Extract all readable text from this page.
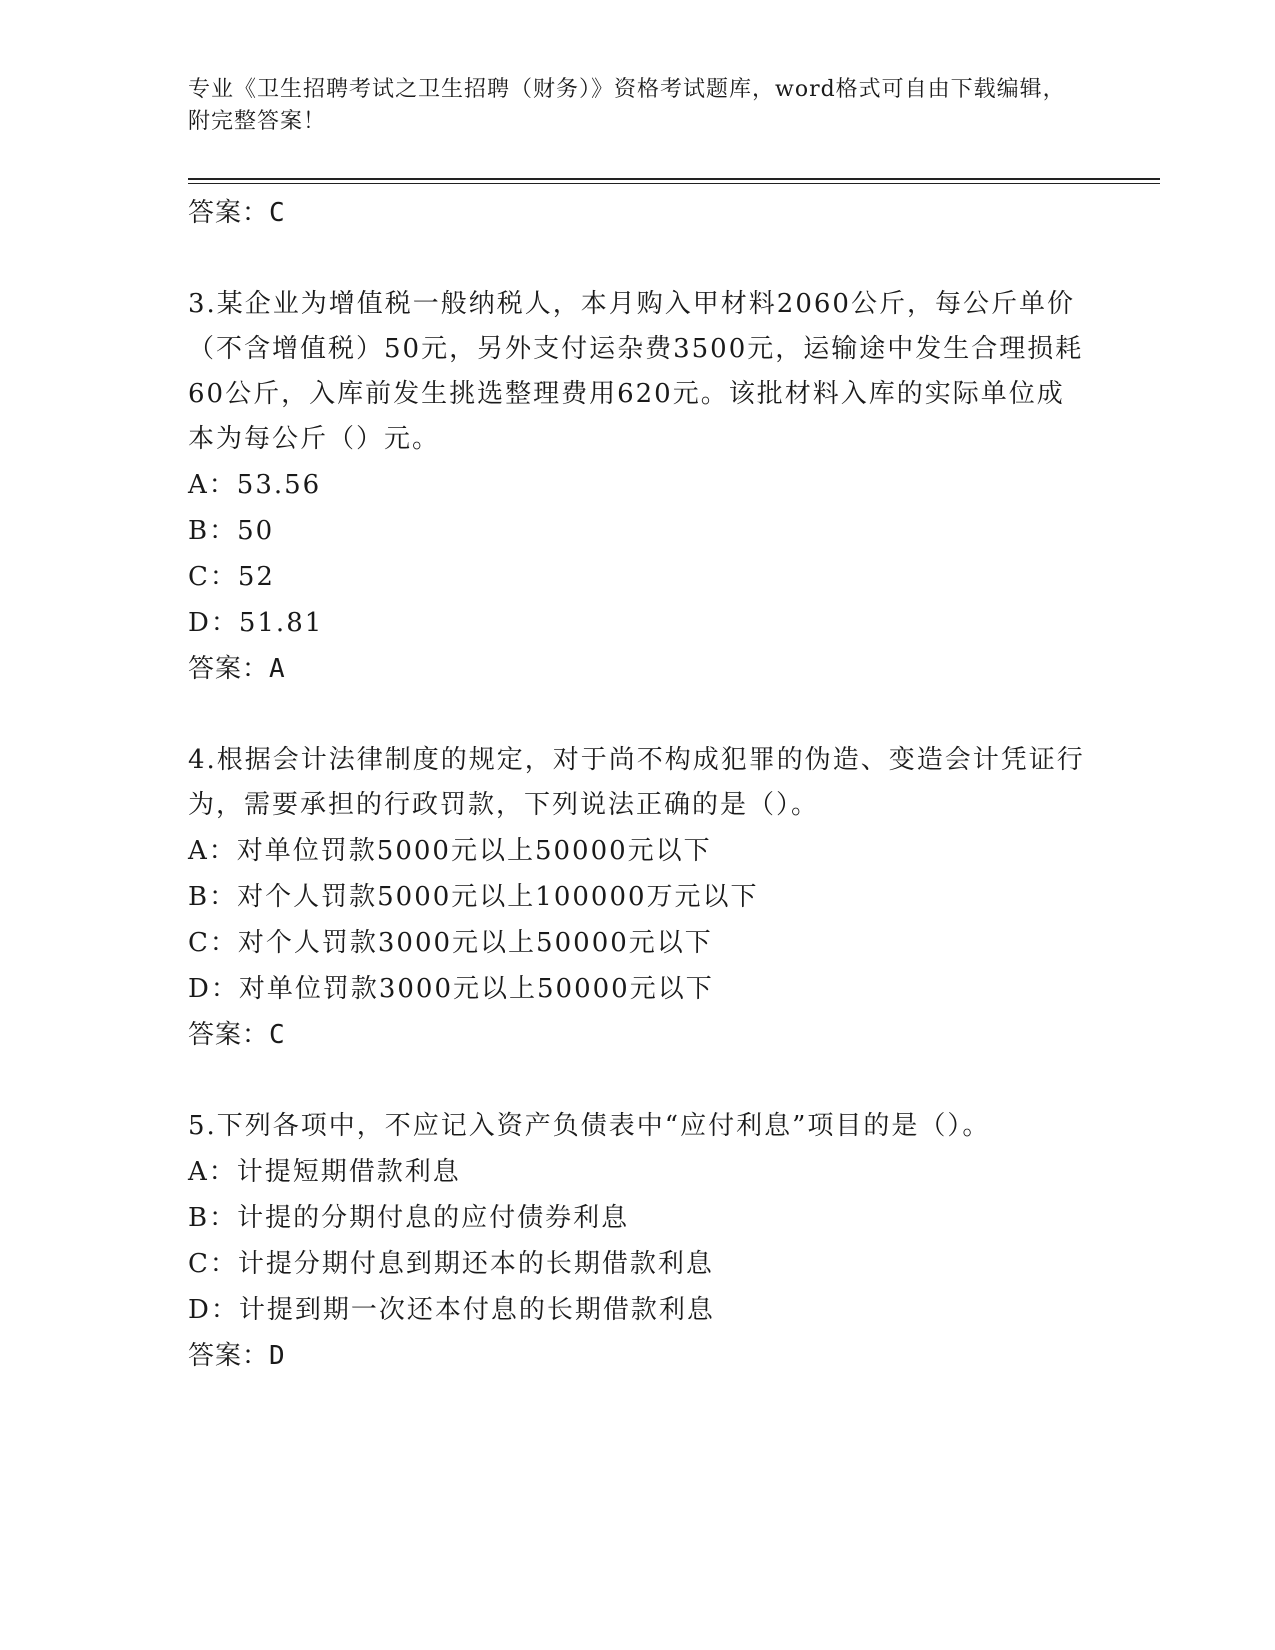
专业《卫生招聘考试之卫生招聘（财务）》资格考试题库，word格式可自由下载编辑，附完整答案！
答案：C
3.某企业为增值税一般纳税人，本月购入甲材料2060公斤，每公斤单价（不含增值税）50元，另外支付运杂费3500元，运输途中发生合理损耗60公斤，入库前发生挑选整理费用620元。该批材料入库的实际单位成本为每公斤（）元。
A：53.56
B：50
C：52
D：51.81
答案：A
4.根据会计法律制度的规定，对于尚不构成犯罪的伪造、变造会计凭证行为，需要承担的行政罚款，下列说法正确的是（）。
A：对单位罚款5000元以上50000元以下
B：对个人罚款5000元以上100000万元以下
C：对个人罚款3000元以上50000元以下
D：对单位罚款3000元以上50000元以下
答案：C
5.下列各项中，不应记入资产负债表中“应付利息”项目的是（）。
A：计提短期借款利息
B：计提的分期付息的应付债券利息
C：计提分期付息到期还本的长期借款利息
D：计提到期一次还本付息的长期借款利息
答案：D
